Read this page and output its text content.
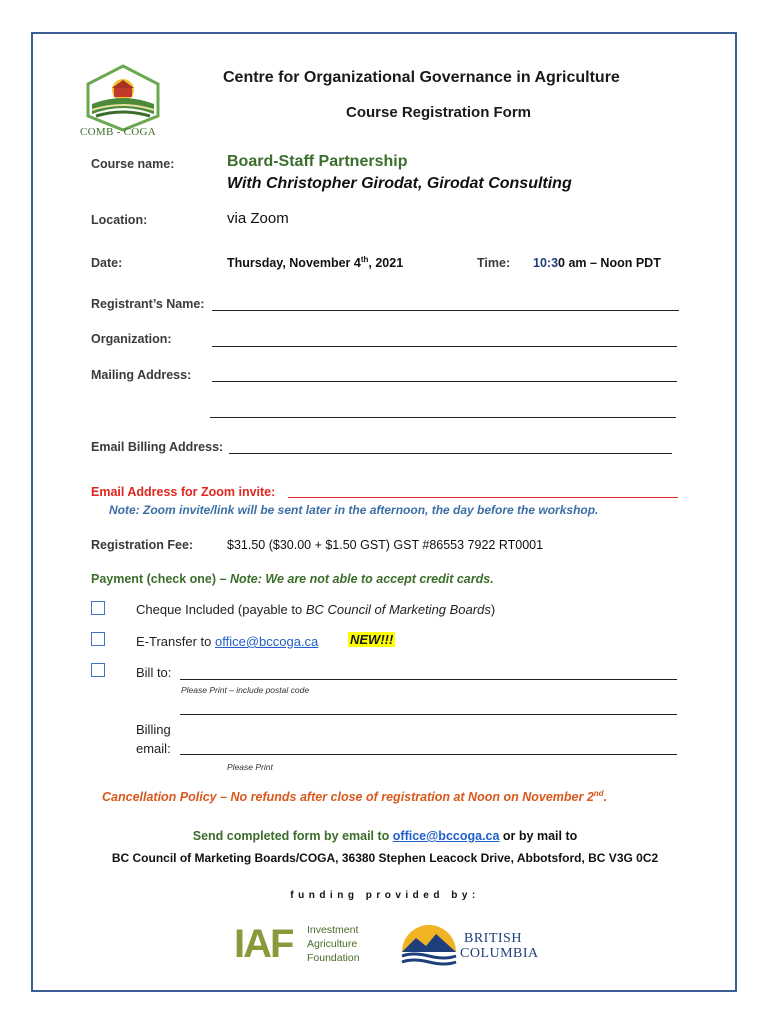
COMB - COGA
Centre for Organizational Governance in Agriculture
Course Registration Form
Course name:	Board-Staff Partnership
With Christopher Girodat, Girodat Consulting
Location:	via Zoom
Date:	Thursday, November 4th, 2021	Time: 10:30 am – Noon PDT
Registrant’s Name:
Organization:
Mailing Address:
Email Billing Address:
Email Address for Zoom invite:
Note: Zoom invite/link will be sent later in the afternoon, the day before the workshop.
Registration Fee:	$31.50 ($30.00 + $1.50 GST) GST #86553 7922 RT0001
Payment (check one) – Note: We are not able to accept credit cards.
Cheque Included (payable to BC Council of Marketing Boards)
E-Transfer to office@bccoga.ca NEW!!!
Bill to:
Please Print – include postal code
Billing
email:
Please Print
Cancellation Policy – No refunds after close of registration at Noon on November 2nd.
Send completed form by email to office@bccoga.ca or by mail to
BC Council of Marketing Boards/COGA, 36380 Stephen Leacock Drive, Abbotsford, BC V3G 0C2
funding provided by:
IAF Investment
Agriculture
Foundation
BRITISH
COLUMBIA
